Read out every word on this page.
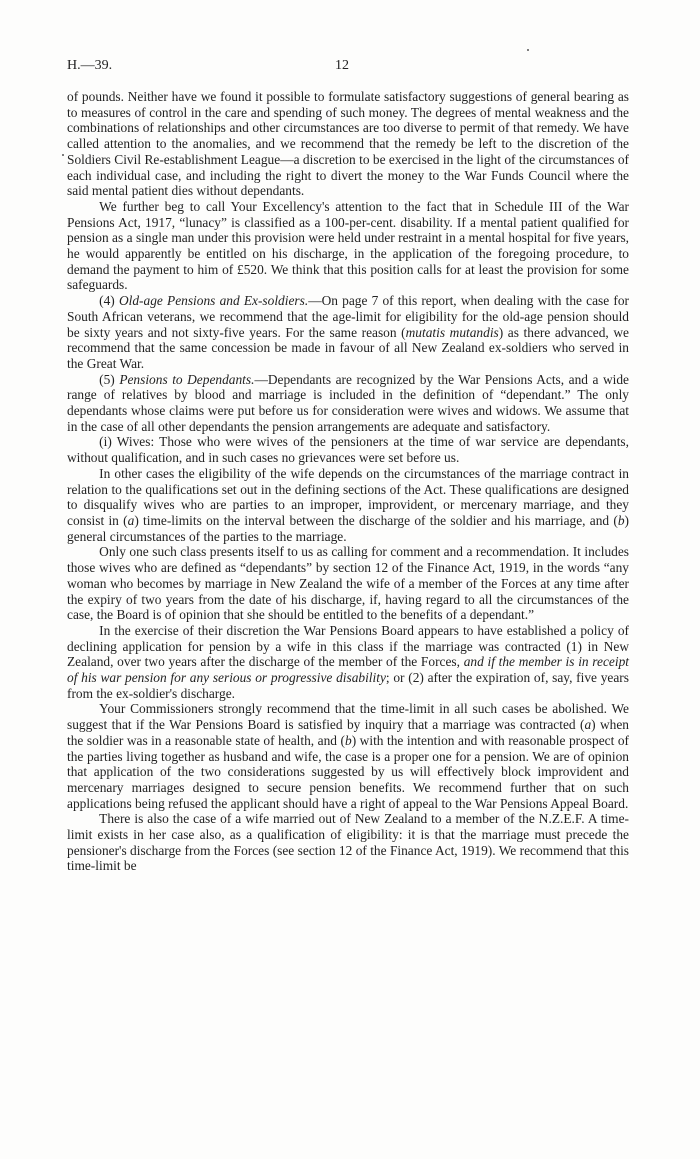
H.—39.	12

of pounds. Neither have we found it possible to formulate satisfactory suggestions of general bearing as to measures of control in the care and spending of such money. The degrees of mental weakness and the combinations of relationships and other circumstances are too diverse to permit of that remedy. We have called attention to the anomalies, and we recommend that the remedy be left to the discretion of the Soldiers Civil Re-establishment League—a discretion to be exercised in the light of the circumstances of each individual case, and including the right to divert the money to the War Funds Council where the said mental patient dies without dependants.

We further beg to call Your Excellency's attention to the fact that in Schedule III of the War Pensions Act, 1917, “lunacy” is classified as a 100-per-cent. disability. If a mental patient qualified for pension as a single man under this provision were held under restraint in a mental hospital for five years, he would apparently be entitled on his discharge, in the application of the foregoing procedure, to demand the payment to him of £520. We think that this position calls for at least the provision for some safeguards.

(4) Old-age Pensions and Ex-soldiers.—On page 7 of this report, when dealing with the case for South African veterans, we recommend that the age-limit for eligibility for the old-age pension should be sixty years and not sixty-five years. For the same reason (mutatis mutandis) as there advanced, we recommend that the same concession be made in favour of all New Zealand ex-soldiers who served in the Great War.

(5) Pensions to Dependants.—Dependants are recognized by the War Pensions Acts, and a wide range of relatives by blood and marriage is included in the definition of “dependant.” The only dependants whose claims were put before us for consideration were wives and widows. We assume that in the case of all other dependants the pension arrangements are adequate and satisfactory.

(i) Wives: Those who were wives of the pensioners at the time of war service are dependants, without qualification, and in such cases no grievances were set before us.

In other cases the eligibility of the wife depends on the circumstances of the marriage contract in relation to the qualifications set out in the defining sections of the Act. These qualifications are designed to disqualify wives who are parties to an improper, improvident, or mercenary marriage, and they consist in (a) time-limits on the interval between the discharge of the soldier and his marriage, and (b) general circumstances of the parties to the marriage.

Only one such class presents itself to us as calling for comment and a recommendation. It includes those wives who are defined as “dependants” by section 12 of the Finance Act, 1919, in the words “any woman who becomes by marriage in New Zealand the wife of a member of the Forces at any time after the expiry of two years from the date of his discharge, if, having regard to all the circumstances of the case, the Board is of opinion that she should be entitled to the benefits of a dependant.”

In the exercise of their discretion the War Pensions Board appears to have established a policy of declining application for pension by a wife in this class if the marriage was contracted (1) in New Zealand, over two years after the discharge of the member of the Forces, and if the member is in receipt of his war pension for any serious or progressive disability; or (2) after the expiration of, say, five years from the ex-soldier's discharge.

Your Commissioners strongly recommend that the time-limit in all such cases be abolished. We suggest that if the War Pensions Board is satisfied by inquiry that a marriage was contracted (a) when the soldier was in a reasonable state of health, and (b) with the intention and with reasonable prospect of the parties living together as husband and wife, the case is a proper one for a pension. We are of opinion that application of the two considerations suggested by us will effectively block improvident and mercenary marriages designed to secure pension benefits. We recommend further that on such applications being refused the applicant should have a right of appeal to the War Pensions Appeal Board.

There is also the case of a wife married out of New Zealand to a member of the N.Z.E.F. A time-limit exists in her case also, as a qualification of eligibility: it is that the marriage must precede the pensioner's discharge from the Forces (see section 12 of the Finance Act, 1919). We recommend that this time-limit be
